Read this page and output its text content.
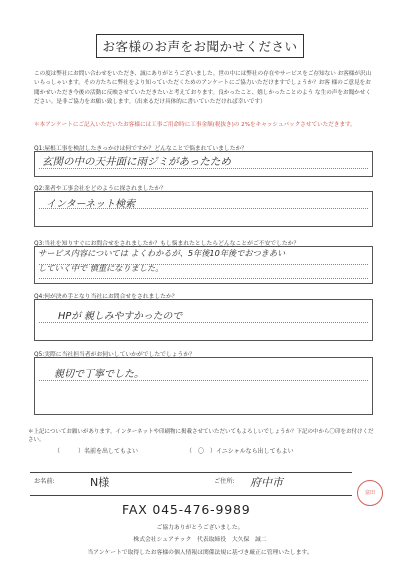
お客様のお声をお聞かせください
この度は弊社にお問い合わせをいただき、誠にありがとうございました。世の中には弊社の存在やサービスをご存知ない お客様が沢山いらっしゃいます。その方たちに弊社をより知っていただくためのアンケートにご協力いただけますでしょうか？お客 様のご意見をお聞かせいただき今後の活動に反映させていただきたいと考えております。良かったこと、嬉しかったことのよう な生の声をお聞かせください。是非ご協力をお願い致します。（出来るだけ具体的に書いていただければ幸いです）
＊本アンケートにご記入いただいたお客様には工事ご用命時に工事金額(税抜き)の 2%をキャッシュバックさせていただきます。
Q1:屋根工事を検討したきっかけは何ですか？どんなことで悩まれていましたか？
玄関の中の天井面に雨ジミがあったため
Q2:業者や工事会社をどのように探されましたか？
インターネット検索
Q3:当社を知りすぐにお問合せをされましたか？もし悩まれたとしたらどんなことがご不安でしたか？
サービス内容については よくわかるが、5年後10年後でおつきあい
していく中で 慎重になりました。
Q4:何が決め手となり当社にお問合せをされましたか？
HPが 親しみやすかったので
Q5:実際に当社担当者がお伺いしていかがでしたでしょうか？
親切で丁寧でした。
＊上記についてお願いがあります。インターネットや印刷物に掲載させていただいてもよろしいでしょうか？下記の中から〇印をお付けください。
（	）名前を出してもよい	（ 〇 ）イニシャルなら出してもよい
お名前:	N様	ご住所: 府中市
富田
FAX 045-476-9989
ご協力ありがとうございました。
株式会社シェアテック　代表取締役　大久保　誠二
当アンケートで取得したお客様の個人情報は関係法規に基づき厳正に管理いたします。
